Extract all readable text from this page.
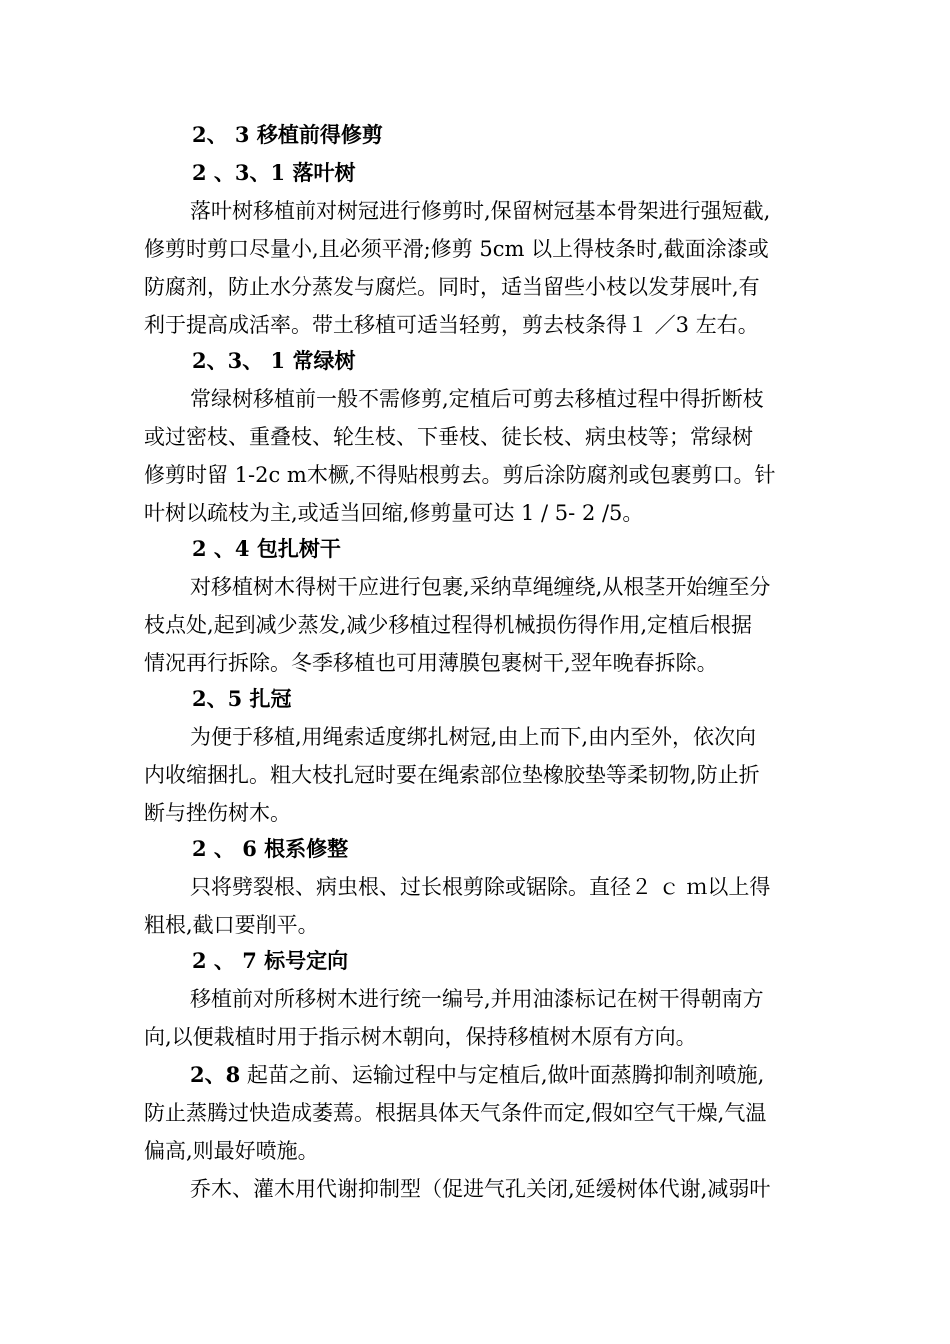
2、 3 移植前得修剪
2 、3、1 落叶树
落叶树移植前对树冠进行修剪时,保留树冠基本骨架进行强短截,
修剪时剪口尽量小,且必须平滑;修剪 5cm 以上得枝条时,截面涂漆或
防腐剂，防止水分蒸发与腐烂。同时，适当留些小枝以发芽展叶,有
利于提高成活率。带土移植可适当轻剪，剪去枝条得１ ／3 左右。
2、3、 1 常绿树
常绿树移植前一般不需修剪,定植后可剪去移植过程中得折断枝
或过密枝、重叠枝、轮生枝、下垂枝、徒长枝、病虫枝等；常绿树
修剪时留 1-2c m木橛,不得贴根剪去。剪后涂防腐剂或包裹剪口。针
叶树以疏枝为主,或适当回缩,修剪量可达 1 / 5- 2 /5。
2 、4 包扎树干
对移植树木得树干应进行包裹,采纳草绳缠绕,从根茎开始缠至分
枝点处,起到减少蒸发,减少移植过程得机械损伤得作用,定植后根据
情况再行拆除。冬季移植也可用薄膜包裹树干,翌年晚春拆除。
2、5 扎冠
为便于移植,用绳索适度绑扎树冠,由上而下,由内至外，依次向
内收缩捆扎。粗大枝扎冠时要在绳索部位垫橡胶垫等柔韧物,防止折
断与挫伤树木。
2 、 6 根系修整
只将劈裂根、病虫根、过长根剪除或锯除。直径２ ｃ ｍ以上得
粗根,截口要削平。
2 、 7 标号定向
移植前对所移树木进行统一编号,并用油漆标记在树干得朝南方
向,以便栽植时用于指示树木朝向，保持移植树木原有方向。
2、8 起苗之前、运输过程中与定植后,做叶面蒸腾抑制剂喷施,
防止蒸腾过快造成萎蔫。根据具体天气条件而定,假如空气干燥,气温
偏高,则最好喷施。
乔木、灌木用代谢抑制型（促进气孔关闭,延缓树体代谢,减弱叶
